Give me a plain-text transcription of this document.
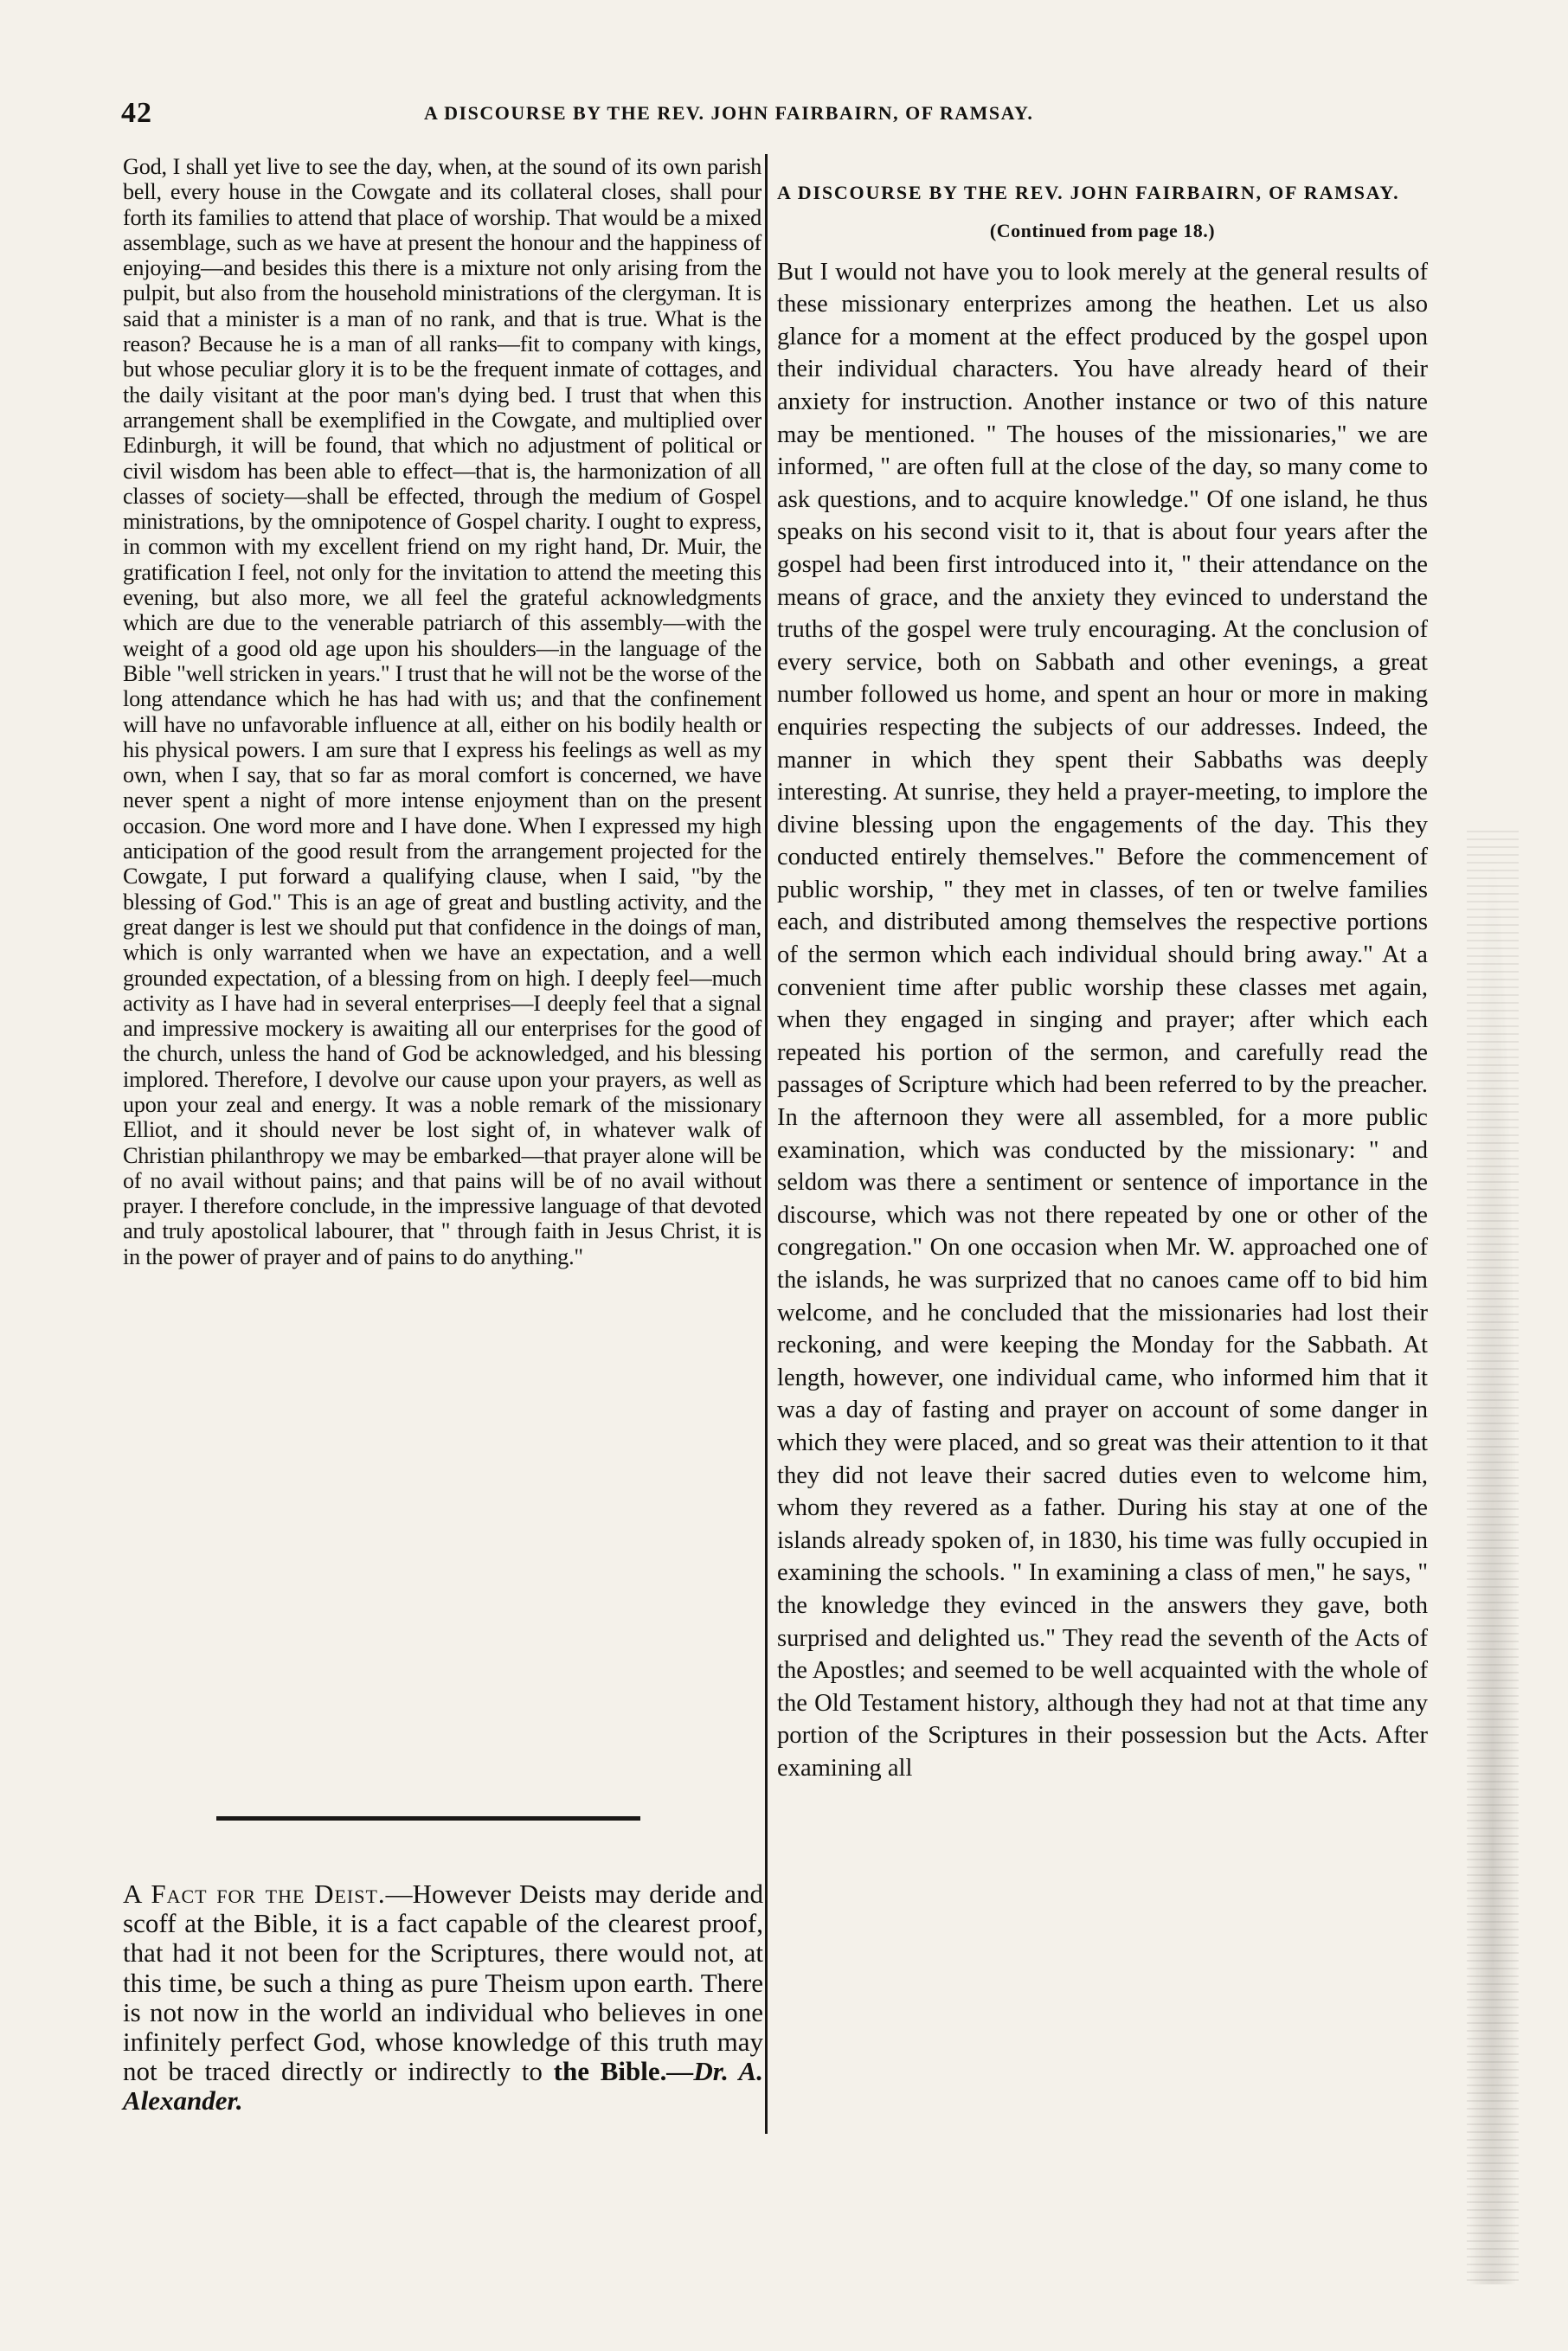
42	A DISCOURSE BY THE REV. JOHN FAIRBAIRN, OF RAMSAY.

God, I shall yet live to see the day, when, at the sound of its own parish bell, every house in the Cowgate and its collateral closes, shall pour forth its families to attend that place of worship. That would be a mixed assemblage, such as we have at present the honour and the happiness of enjoying—and besides this there is a mixture not only arising from the pulpit, but also from the household ministrations of the clergyman. It is said that a minister is a man of no rank, and that is true. What is the reason? Because he is a man of all ranks—fit to company with kings, but whose peculiar glory it is to be the frequent inmate of cottages, and the daily visitant at the poor man's dying bed. I trust that when this arrangement shall be exemplified in the Cowgate, and multiplied over Edinburgh, it will be found, that which no adjustment of political or civil wisdom has been able to effect—that is, the harmonization of all classes of society—shall be effected, through the medium of Gospel ministrations, by the omnipotence of Gospel charity. I ought to express, in common with my excellent friend on my right hand, Dr. Muir, the gratification I feel, not only for the invitation to attend the meeting this evening, but also more, we all feel the grateful acknowledgments which are due to the venerable patriarch of this assembly—with the weight of a good old age upon his shoulders—in the language of the Bible "well stricken in years." I trust that he will not be the worse of the long attendance which he has had with us; and that the confinement will have no unfavorable influence at all, either on his bodily health or his physical powers. I am sure that I express his feelings as well as my own, when I say, that so far as moral comfort is concerned, we have never spent a night of more intense enjoyment than on the present occasion. One word more and I have done. When I expressed my high anticipation of the good result from the arrangement projected for the Cowgate, I put forward a qualifying clause, when I said, "by the blessing of God." This is an age of great and bustling activity, and the great danger is lest we should put that confidence in the doings of man, which is only warranted when we have an expectation, and a well grounded expectation, of a blessing from on high. I deeply feel—much activity as I have had in several enterprises—I deeply feel that a signal and impressive mockery is awaiting all our enterprises for the good of the church, unless the hand of God be acknowledged, and his blessing implored. Therefore, I devolve our cause upon your prayers, as well as upon your zeal and energy. It was a noble remark of the missionary Elliot, and it should never be lost sight of, in whatever walk of Christian philanthropy we may be embarked—that prayer alone will be of no avail without pains; and that pains will be of no avail without prayer. I therefore conclude, in the impressive language of that devoted and truly apostolical labourer, that " through faith in Jesus Christ, it is in the power of prayer and of pains to do anything."

A Fact for the Deist.—However Deists may deride and scoff at the Bible, it is a fact capable of the clearest proof, that had it not been for the Scriptures, there would not, at this time, be such a thing as pure Theism upon earth. There is not now in the world an individual who believes in one infinitely perfect God, whose knowledge of this truth may not be traced directly or indirectly to the Bible.—Dr. A. Alexander.
A DISCOURSE BY THE REV. JOHN FAIRBAIRN, OF RAMSAY.
(Continued from page 18.)

But I would not have you to look merely at the general results of these missionary enterprizes among the heathen. Let us also glance for a moment at the effect produced by the gospel upon their individual characters. You have already heard of their anxiety for instruction. Another instance or two of this nature may be mentioned. " The houses of the missionaries," we are informed, " are often full at the close of the day, so many come to ask questions, and to acquire knowledge." Of one island, he thus speaks on his second visit to it, that is about four years after the gospel had been first introduced into it, " their attendance on the means of grace, and the anxiety they evinced to understand the truths of the gospel were truly encouraging. At the conclusion of every service, both on Sabbath and other evenings, a great number followed us home, and spent an hour or more in making enquiries respecting the subjects of our addresses. Indeed, the manner in which they spent their Sabbaths was deeply interesting. At sunrise, they held a prayer-meeting, to implore the divine blessing upon the engagements of the day. This they conducted entirely themselves." Before the commencement of public worship, " they met in classes, of ten or twelve families each, and distributed among themselves the respective portions of the sermon which each individual should bring away." At a convenient time after public worship these classes met again, when they engaged in singing and prayer; after which each repeated his portion of the sermon, and carefully read the passages of Scripture which had been referred to by the preacher. In the afternoon they were all assembled, for a more public examination, which was conducted by the missionary: " and seldom was there a sentiment or sentence of importance in the discourse, which was not there repeated by one or other of the congregation." On one occasion when Mr. W. approached one of the islands, he was surprized that no canoes came off to bid him welcome, and he concluded that the missionaries had lost their reckoning, and were keeping the Monday for the Sabbath. At length, however, one individual came, who informed him that it was a day of fasting and prayer on account of some danger in which they were placed, and so great was their attention to it that they did not leave their sacred duties even to welcome him, whom they revered as a father. During his stay at one of the islands already spoken of, in 1830, his time was fully occupied in examining the schools. " In examining a class of men," he says, " the knowledge they evinced in the answers they gave, both surprised and delighted us." They read the seventh of the Acts of the Apostles; and seemed to be well acquainted with the whole of the Old Testament history, although they had not at that time any portion of the Scriptures in their possession but the Acts. After examining all
